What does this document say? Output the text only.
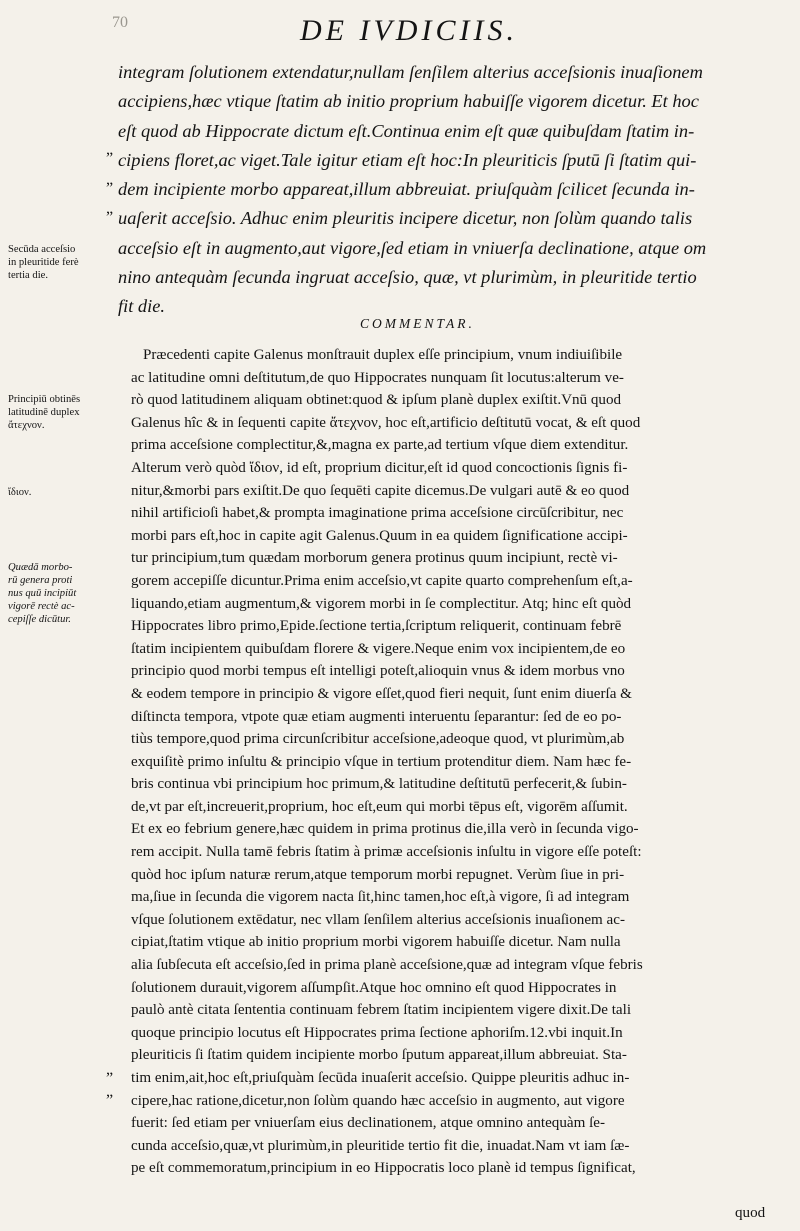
70	DE IVDICIIS.
integram ſolutionem extendatur,nullam ſenſilem alterius acceſsionis inuaſionem
accipiens,hæc vtique ſtatim ab initio proprium habuiſſe vigorem dicetur. Et hoc
eſt quod ab Hippocrate dictum eſt.Continua enim eſt quæ quibuſdam ſtatim in-
cipiens floret,ac viget.Tale igitur etiam eſt hoc:In pleuriticis ſputū ſi ſtatim qui-
dem incipiente morbo appareat,illum abbreuiat. priuſquàm ſcilicet ſecunda in-
uaſerit acceſsio. Adhuc enim pleuritis incipere dicetur, non ſolùm quando talis
acceſsio eſt in augmento,aut vigore,ſed etiam in vniuerſa declinatione, atque om
nino antequàm ſecunda ingruat acceſsio, quæ, vt plurimùm, in pleuritide tertio
fit die.
„
„
„
Secūda acceſsio
in pleuritide ferè
tertia die.
Principiū obtinēs
latitudinē duplex
ἄτεχνον.
ἴδιον.
Quædā morbo-
rū genera proti
nus quū incipiūt
vigorē rectè ac-
cepiſſe dicūtur.
COMMENTAR.
Præcedenti capite Galenus monſtrauit duplex eſſe principium, vnum indiuiſibile
ac latitudine omni deſtitutum,de quo Hippocrates nunquam ſit locutus:alterum ve-
rò quod latitudinem aliquam obtinet:quod & ipſum planè duplex exiſtit.Vnū quod
Galenus hîc & in ſequenti capite ἄτεχνον, hoc eſt,artificio deſtitutū vocat, & eſt quod
prima acceſsione complectitur,&,magna ex parte,ad tertium vſque diem extenditur.
Alterum verò quòd ἴδιον, id eſt, proprium dicitur,eſt id quod concoctionis ſignis fi-
nitur,&morbi pars exiſtit.De quo ſequēti capite dicemus.De vulgari autē & eo quod
nihil artificioſi habet,& prompta imaginatione prima acceſsione circūſcribitur, nec
morbi pars eſt,hoc in capite agit Galenus.Quum in ea quidem ſignificatione accipi-
tur principium,tum quædam morborum genera protinus quum incipiunt, rectè vi-
gorem accepiſſe dicuntur.Prima enim acceſsio,vt capite quarto comprehenſum eſt,a-
liquando,etiam augmentum,& vigorem morbi in ſe complectitur. Atq; hinc eſt quòd
Hippocrates libro primo,Epide.ſectione tertia,ſcriptum reliquerit, continuam febrē
ſtatim incipientem quibuſdam florere & vigere.Neque enim vox incipientem,de eo
principio quod morbi tempus eſt intelligi poteſt,alioquin vnus & idem morbus vno
& eodem tempore in principio & vigore eſſet,quod fieri nequit, ſunt enim diuerſa &
diſtincta tempora, vtpote quæ etiam augmenti interuentu ſeparantur: ſed de eo po-
tiùs tempore,quod prima circunſcribitur acceſsione,adeoque quod, vt plurimùm,ab
exquiſitè primo inſultu & principio vſque in tertium protenditur diem. Nam hæc fe-
bris continua vbi principium hoc primum,& latitudine deſtitutū perfecerit,& ſubin-
de,vt par eſt,increuerit,proprium, hoc eſt,eum qui morbi tēpus eſt, vigorēm aſſumit.
Et ex eo febrium genere,hæc quidem in prima protinus die,illa verò in ſecunda vigo-
rem accipit. Nulla tamē febris ſtatim à primæ acceſsionis inſultu in vigore eſſe poteſt:
quòd hoc ipſum naturæ rerum,atque temporum morbi repugnet. Verùm ſiue in pri-
ma,ſiue in ſecunda die vigorem nacta ſit,hinc tamen,hoc eſt,à vigore, ſi ad integram
vſque ſolutionem extēdatur, nec vllam ſenſilem alterius acceſsionis inuaſionem ac-
cipiat,ſtatim vtique ab initio proprium morbi vigorem habuiſſe dicetur. Nam nulla
alia ſubſecuta eſt acceſsio,ſed in prima planè acceſsione,quæ ad integram vſque febris
ſolutionem durauit,vigorem aſſumpſit.Atque hoc omnino eſt quod Hippocrates in
paulò antè citata ſententia continuam febrem ſtatim incipientem vigere dixit.De tali
quoque principio locutus eſt Hippocrates prima ſectione aphoriſm.12.vbi inquit.In
pleuriticis ſi ſtatim quidem incipiente morbo ſputum appareat,illum abbreuiat. Sta-
tim enim,ait,hoc eſt,priuſquàm ſecūda inuaſerit acceſsio. Quippe pleuritis adhuc in-
cipere,hac ratione,dicetur,non ſolùm quando hæc acceſsio in augmento, aut vigore
fuerit: ſed etiam per vniuerſam eius declinationem, atque omnino antequàm ſe-
cunda acceſsio,quæ,vt plurimùm,in pleuritide tertio fit die, inuadat.Nam vt iam ſæ-
pe eſt commemoratum,principium in eo Hippocratis loco planè id tempus ſignificat,
„
„
quod
